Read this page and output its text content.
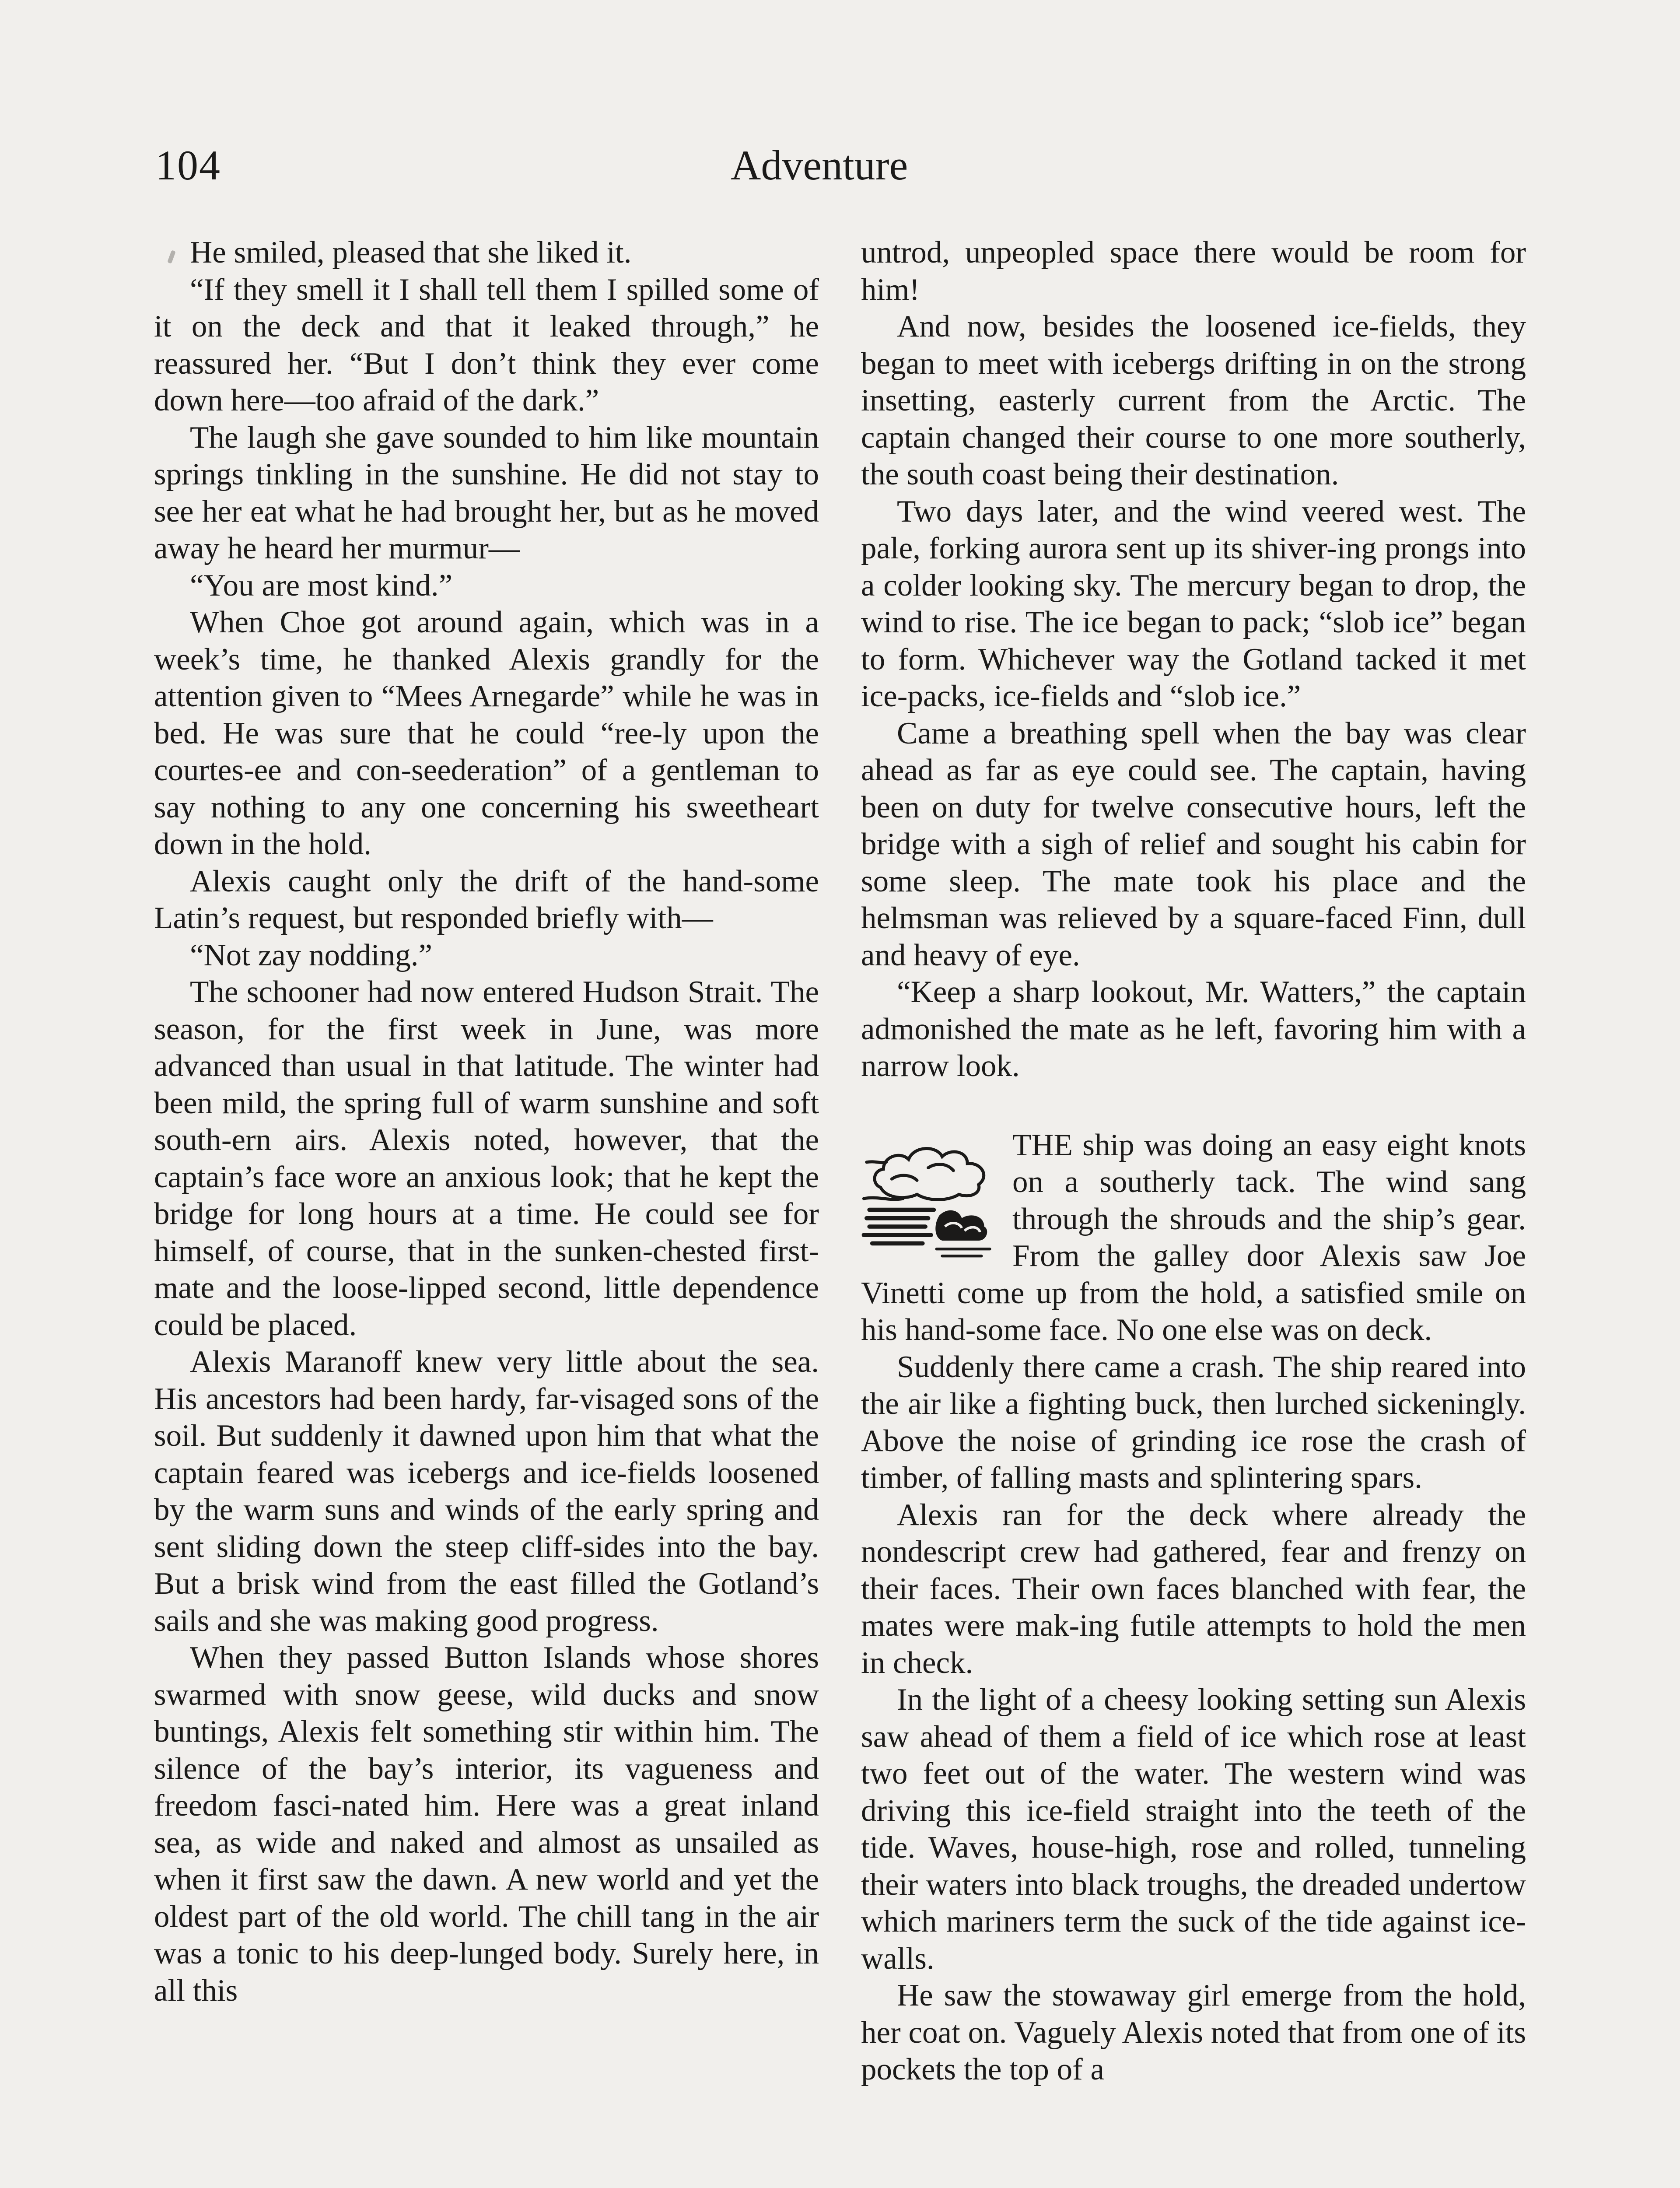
104	Adventure

He smiled, pleased that she liked it.

“If they smell it I shall tell them I spilled some of it on the deck and that it leaked through,” he reassured her. “But I don’t think they ever come down here—too afraid of the dark.”

The laugh she gave sounded to him like mountain springs tinkling in the sunshine. He did not stay to see her eat what he had brought her, but as he moved away he heard her murmur—

“You are most kind.”

When Choe got around again, which was in a week’s time, he thanked Alexis grandly for the attention given to “Mees Arnegarde” while he was in bed. He was sure that he could “ree-ly upon the courtes-ee and con-seederation” of a gentleman to say nothing to any one concerning his sweetheart down in the hold.

Alexis caught only the drift of the hand-some Latin’s request, but responded briefly with—

“Not zay nodding.”

The schooner had now entered Hudson Strait. The season, for the first week in June, was more advanced than usual in that latitude. The winter had been mild, the spring full of warm sunshine and soft south-ern airs. Alexis noted, however, that the captain’s face wore an anxious look; that he kept the bridge for long hours at a time. He could see for himself, of course, that in the sunken-chested first-mate and the loose-lipped second, little dependence could be placed.

Alexis Maranoff knew very little about the sea. His ancestors had been hardy, far-visaged sons of the soil. But suddenly it dawned upon him that what the captain feared was icebergs and ice-fields loosened by the warm suns and winds of the early spring and sent sliding down the steep cliff-sides into the bay. But a brisk wind from the east filled the Gotland’s sails and she was making good progress.

When they passed Button Islands whose shores swarmed with snow geese, wild ducks and snow buntings, Alexis felt something stir within him. The silence of the bay’s interior, its vagueness and freedom fasci-nated him. Here was a great inland sea, as wide and naked and almost as unsailed as when it first saw the dawn. A new world and yet the oldest part of the old world. The chill tang in the air was a tonic to his deep-lunged body. Surely here, in all this

untrod, unpeopled space there would be room for him!

And now, besides the loosened ice-fields, they began to meet with icebergs drifting in on the strong insetting, easterly current from the Arctic. The captain changed their course to one more southerly, the south coast being their destination.

Two days later, and the wind veered west. The pale, forking aurora sent up its shiver-ing prongs into a colder looking sky. The mercury began to drop, the wind to rise. The ice began to pack; “slob ice” began to form. Whichever way the Gotland tacked it met ice-packs, ice-fields and “slob ice.”

Came a breathing spell when the bay was clear ahead as far as eye could see. The captain, having been on duty for twelve consecutive hours, left the bridge with a sigh of relief and sought his cabin for some sleep. The mate took his place and the helmsman was relieved by a square-faced Finn, dull and heavy of eye.

“Keep a sharp lookout, Mr. Watters,” the captain admonished the mate as he left, favoring him with a narrow look.

THE ship was doing an easy eight knots on a southerly tack. The wind sang through the shrouds and the ship’s gear. From the galley door Alexis saw Joe Vinetti come up from the hold, a satisfied smile on his hand-some face. No one else was on deck.

Suddenly there came a crash. The ship reared into the air like a fighting buck, then lurched sickeningly. Above the noise of grinding ice rose the crash of timber, of falling masts and splintering spars.

Alexis ran for the deck where already the nondescript crew had gathered, fear and frenzy on their faces. Their own faces blanched with fear, the mates were mak-ing futile attempts to hold the men in check.

In the light of a cheesy looking setting sun Alexis saw ahead of them a field of ice which rose at least two feet out of the water. The western wind was driving this ice-field straight into the teeth of the tide. Waves, house-high, rose and rolled, tunneling their waters into black troughs, the dreaded undertow which mariners term the suck of the tide against ice-walls.

He saw the stowaway girl emerge from the hold, her coat on. Vaguely Alexis noted that from one of its pockets the top of a
